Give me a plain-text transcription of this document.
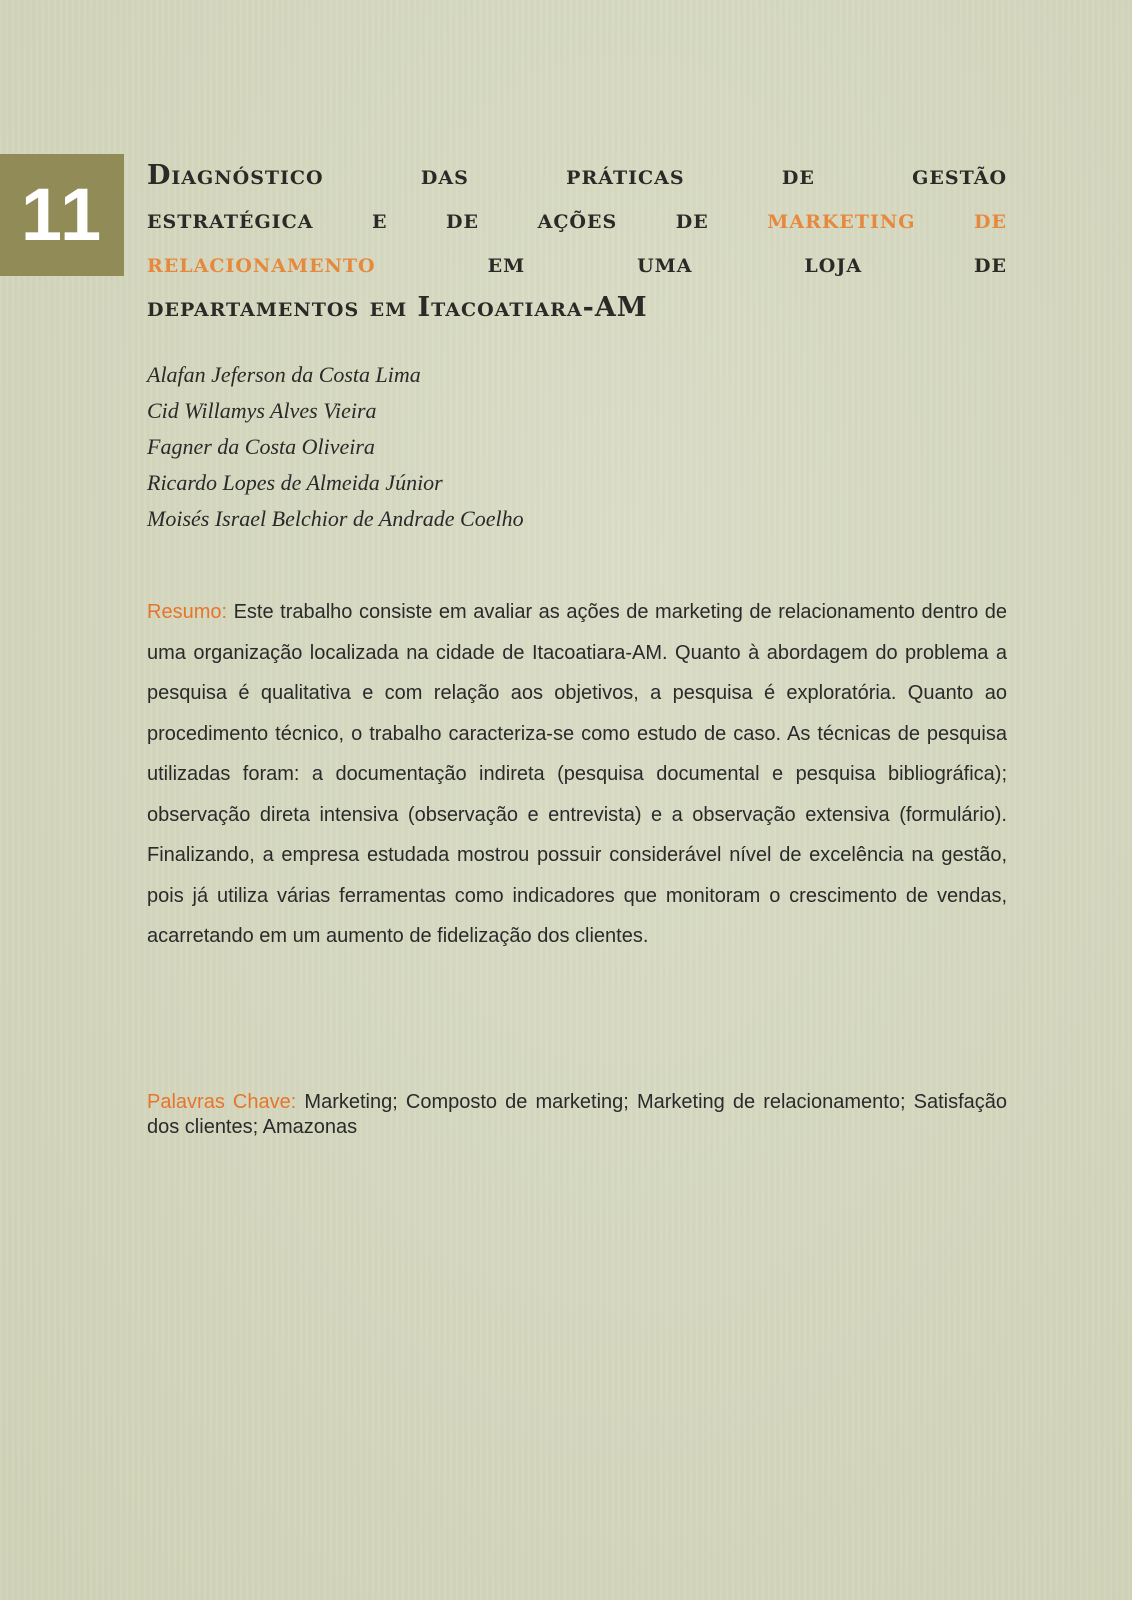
11	Diagnóstico das práticas de gestão
estratégica e de ações de marketing de
relacionamento em uma loja de
departamentos em Itacoatiara-AM
Alafan Jeferson da Costa Lima
Cid Willamys Alves Vieira
Fagner da Costa Oliveira
Ricardo Lopes de Almeida Júnior
Moisés Israel Belchior de Andrade Coelho

Resumo: Este trabalho consiste em avaliar as ações de marketing de relacionamento dentro de uma organização localizada na cidade de Itacoatiara-AM. Quanto à abordagem do problema a pesquisa é qualitativa e com relação aos objetivos, a pesquisa é exploratória. Quanto ao procedimento técnico, o trabalho caracteriza-se como estudo de caso. As técnicas de pesquisa utilizadas foram: a documentação indireta (pesquisa documental e pesquisa bibliográfica); observação direta intensiva (observação e entrevista) e a observação extensiva (formulário). Finalizando, a empresa estudada mostrou possuir considerável nível de excelência na gestão, pois já utiliza várias ferramentas como indicadores que monitoram o crescimento de vendas, acarretando em um aumento de fidelização dos clientes.

Palavras Chave: Marketing; Composto de marketing; Marketing de relacionamento; Satisfação dos clientes; Amazonas
